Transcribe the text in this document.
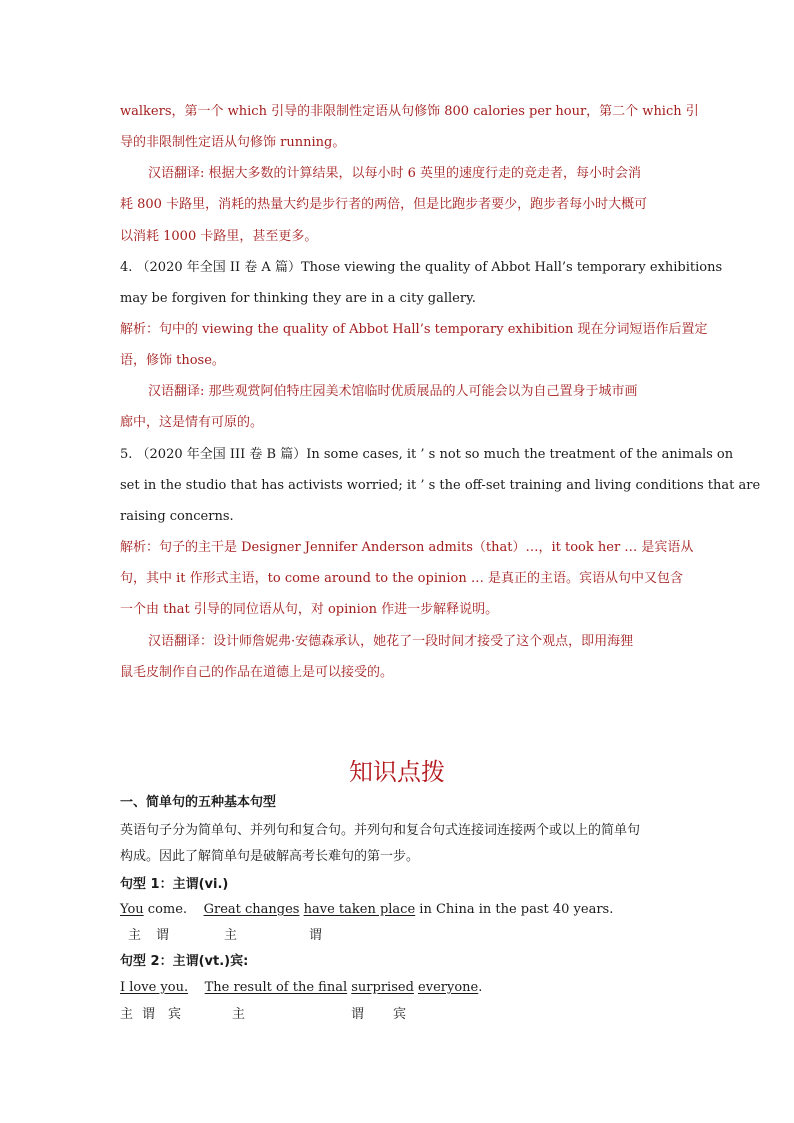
walkers，第一个 which 引导的非限制性定语从句修饰 800 calories per hour，第二个 which 引
导的非限制性定语从句修饰 running。
汉语翻译: 根据大多数的计算结果，以每小时 6 英里的速度行走的竞走者，每小时会消
耗 800 卡路里，消耗的热量大约是步行者的两倍，但是比跑步者要少，跑步者每小时大概可
以消耗 1000 卡路里，甚至更多。
4. （2020 年全国 II 卷 A 篇）Those viewing the quality of Abbot Hall’s temporary exhibitions
may be forgiven for thinking they are in a city gallery.
解析：句中的 viewing the quality of Abbot Hall’s temporary exhibition 现在分词短语作后置定
语，修饰 those。
汉语翻译: 那些观赏阿伯特庄园美术馆临时优质展品的人可能会以为自己置身于城市画
廊中，这是情有可原的。
5. （2020 年全国 III 卷 B 篇）In some cases, it ’ s not so much the treatment of the animals on
set in the studio that has activists worried; it ’ s the off-set training and living conditions that are
raising concerns.
解析：句子的主干是 Designer Jennifer Anderson admits（that）…，it took her … 是宾语从
句，其中 it 作形式主语，to come around to the opinion … 是真正的主语。宾语从句中又包含
一个由 that 引导的同位语从句，对 opinion 作进一步解释说明。
汉语翻译：设计师詹妮弗·安德森承认，她花了一段时间才接受了这个观点，即用海狸
鼠毛皮制作自己的作品在道德上是可以接受的。
知识点拨
一、简单句的五种基本句型
英语句子分为简单句、并列句和复合句。并列句和复合句式连接词连接两个或以上的简单句
构成。因此了解简单句是破解高考长难句的第一步。
句型 1：主谓(vi.)
You come. Great changes have taken place in China in the past 40 years.
主 谓	主	谓
句型 2：主谓(vt.)宾:
I love you. The result of the final surprised everyone.
主 谓 宾	主	谓 宾
